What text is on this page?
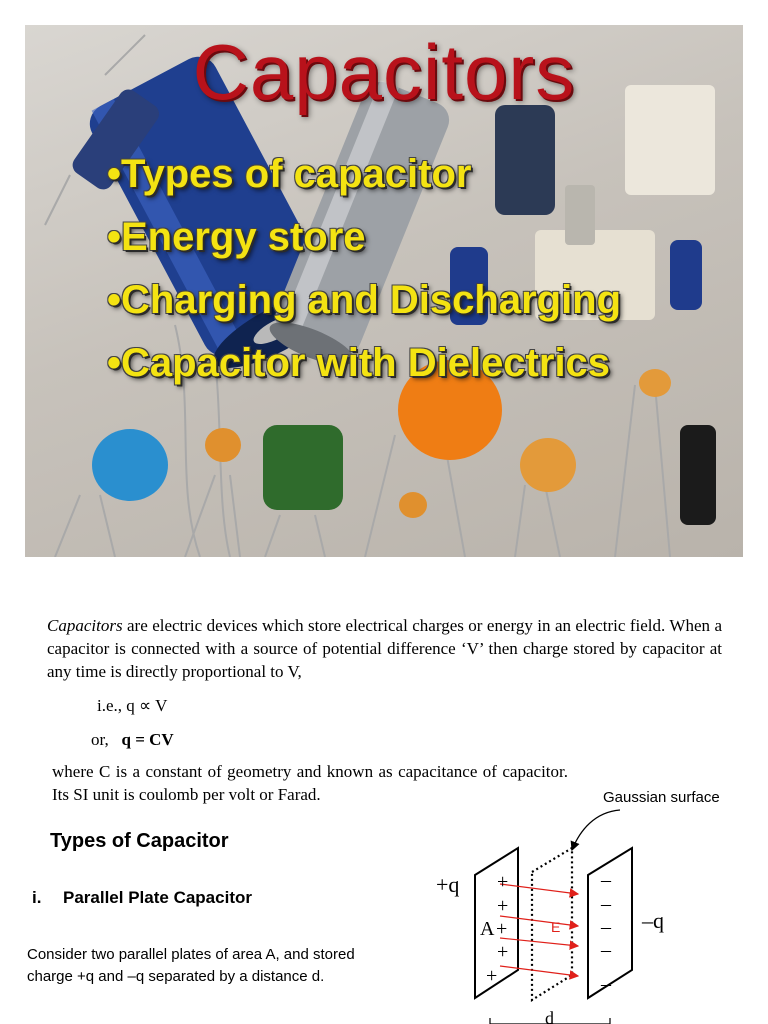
Capacitors
•Types of capacitor
•Energy store
•Charging and Discharging
•Capacitor with Dielectrics

Capacitors are electric devices which store electrical charges or energy in an electric field. When a capacitor is connected with a source of potential difference ‘V’ then charge stored by capacitor at any time is directly proportional to V,

i.e., q ∝ V
or,   q = CV

where C is a constant of geometry and known as capacitance of capacitor. Its SI unit is coulomb per volt or Farad.

Types of Capacitor
i. Parallel Plate Capacitor

Consider two parallel plates of area A, and stored charge +q and –q separated by a distance d.

Gaussian surface
E
+
+
A +
+
+
–
–
–
–
–
+q
–q
d
